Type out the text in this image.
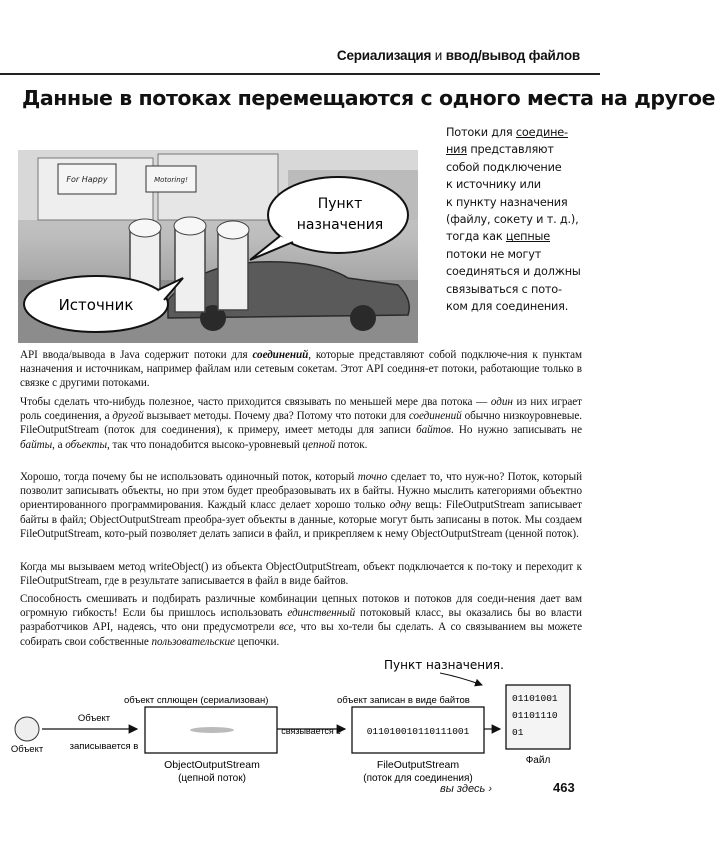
Сериализация и ввод/вывод файлов
Данные в потоках перемещаются с одного места на другое
For Happy	Motoring!
Пункт
назначения
Источник
Потоки для соедине-
ния представляют
собой подключение
к источнику или
к пункту назначения
(файлу, сокету и т. д.),
тогда как цепные
потоки не могут
соединяться и должны
связываться с пото-
ком для соединения.

API ввода/вывода в Java содержит потоки для соединений, которые представляют собой подключе-ния к пунктам назначения и источникам, например файлам или сетевым сокетам. Этот API соединя-ет потоки, работающие только в связке с другими потоками.

Чтобы сделать что-нибудь полезное, часто приходится связывать по меньшей мере два потока — один из них играет роль соединения, а другой вызывает методы. Почему два? Потому что потоки для соединений обычно низкоуровневые. FileOutputStream (поток для соединения), к примеру, имеет методы для записи байтов. Но нужно записывать не байты, а объекты, так что понадобится высоко-уровневый цепной поток.

Хорошо, тогда почему бы не использовать одиночный поток, который точно сделает то, что нуж-но? Поток, который позволит записывать объекты, но при этом будет преобразовывать их в байты. Нужно мыслить категориями объектно ориентированного программирования. Каждый класс делает хорошо только одну вещь: FileOutputStream записывает байты в файл; ObjectOutputStream преобра-зует объекты в данные, которые могут быть записаны в поток. Мы создаем FileOutputStream, кото-рый позволяет делать записи в файл, и прикрепляем к нему ObjectOutputStream (ценной поток).

Когда мы вызываем метод writeObject() из объекта ObjectOutputStream, объект подключается к по-току и переходит к FileOutputStream, где в результате записывается в файл в виде байтов.

Способность смешивать и подбирать различные комбинации цепных потоков и потоков для соеди-нения дает вам огромную гибкость! Если бы пришлось использовать единственный потоковый класс, вы оказались бы во власти разработчиков API, надеясь, что они предусмотрели все, что вы хо-тели бы сделать. А со связыванием вы можете собирать свои собственные пользовательские цепочки.

Пункт назначения.
объект сплющен (сериализован)	объект записан в виде байтов
Объект
Объект
записывается в
ObjectOutputStream
(цепной поток)
связывается с	011010010110111001
FileOutputStream
(поток для соединения)
01101001
01101110
01
Файл
вы здесь ›	463
